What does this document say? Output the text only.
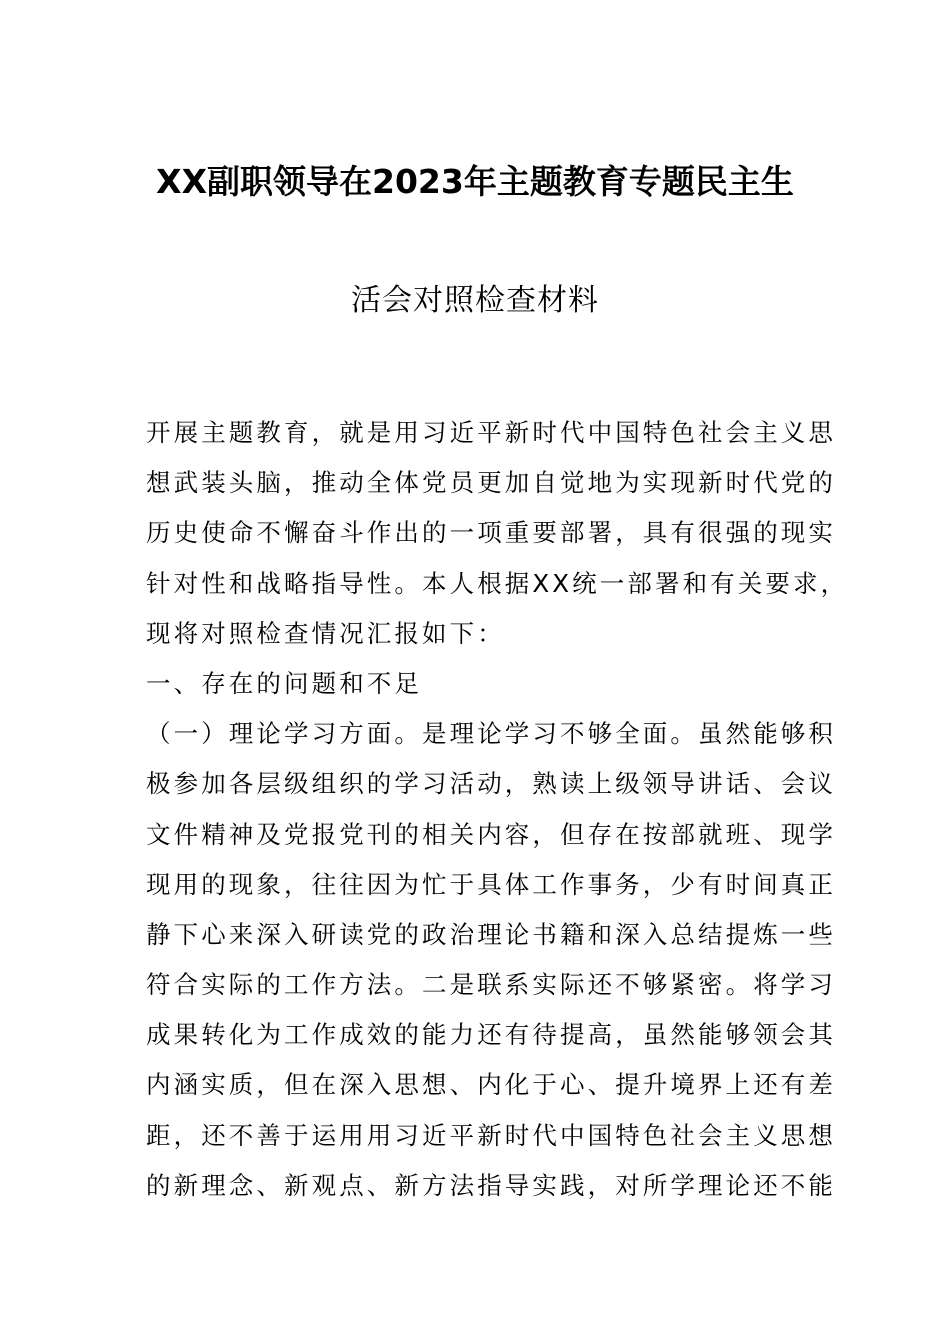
XX副职领导在2023年主题教育专题民主生
活会对照检查材料
开展主题教育，就是用习近平新时代中国特色社会主义思
想武装头脑，推动全体党员更加自觉地为实现新时代党的
历史使命不懈奋斗作出的一项重要部署，具有很强的现实
针对性和战略指导性。本人根据XX统一部署和有关要求，
现将对照检查情况汇报如下：
一、存在的问题和不足
（一）理论学习方面。是理论学习不够全面。虽然能够积
极参加各层级组织的学习活动，熟读上级领导讲话、会议
文件精神及党报党刊的相关内容，但存在按部就班、现学
现用的现象，往往因为忙于具体工作事务，少有时间真正
静下心来深入研读党的政治理论书籍和深入总结提炼一些
符合实际的工作方法。二是联系实际还不够紧密。将学习
成果转化为工作成效的能力还有待提高，虽然能够领会其
内涵实质，但在深入思想、内化于心、提升境界上还有差
距，还不善于运用用习近平新时代中国特色社会主义思想
的新理念、新观点、新方法指导实践，对所学理论还不能
